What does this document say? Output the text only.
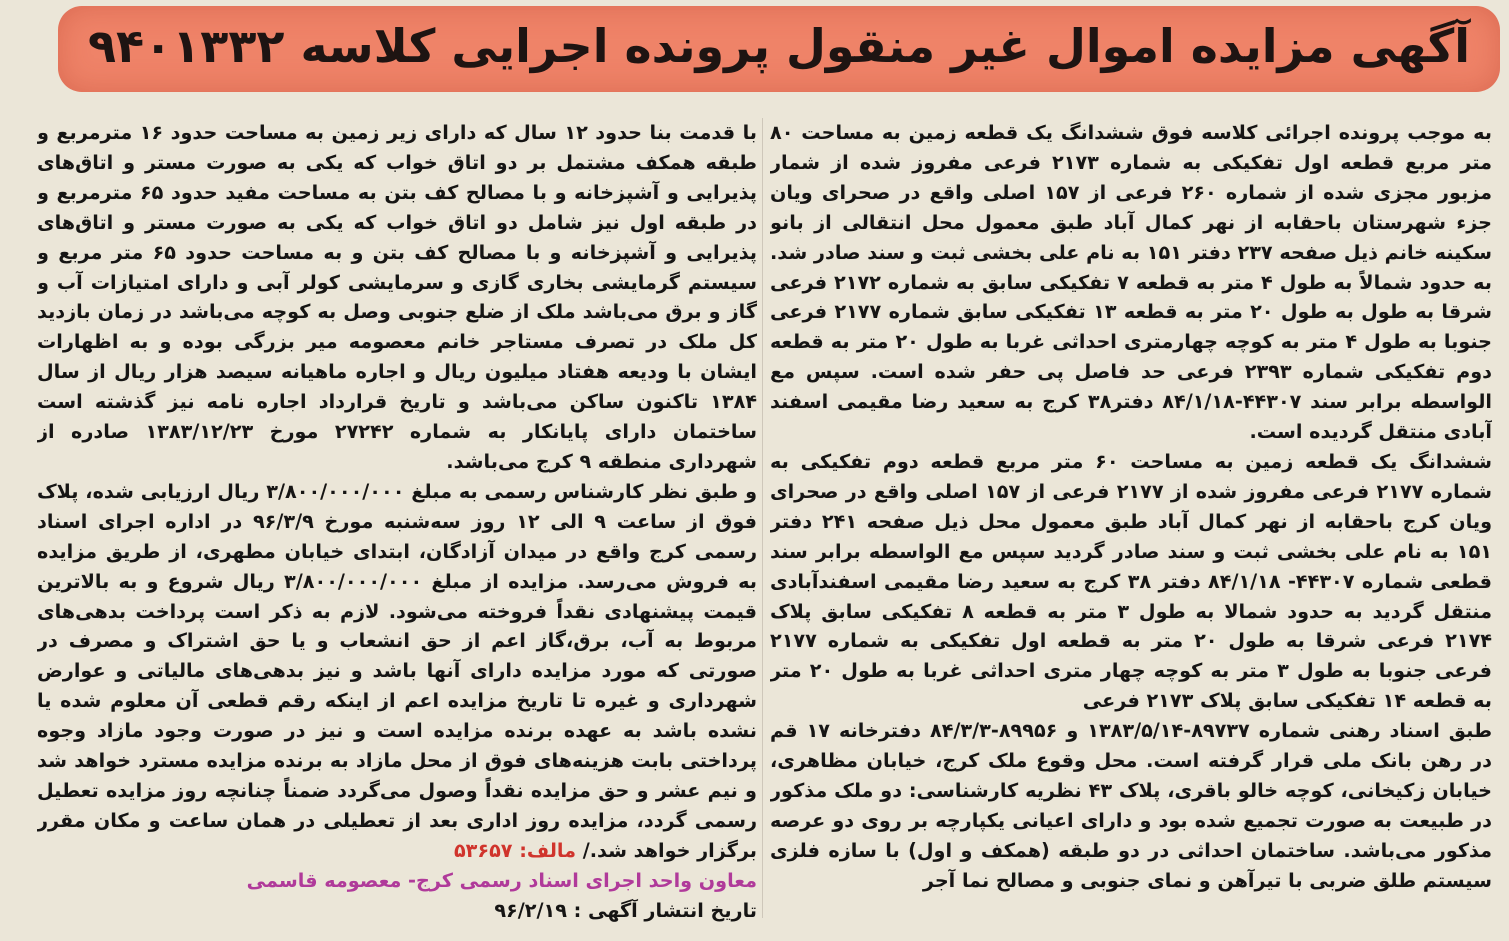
آگهی مزایده اموال غیر منقول پرونده اجرایی کلاسه ۹۴۰۱۳۳۲

به موجب پرونده اجرائی کلاسه فوق ششدانگ یک قطعه زمین به مساحت ۸۰ متر مربع قطعه اول تفکیکی به شماره ۲۱۷۳ فرعی مفروز شده از شمار مزبور مجزی شده از شماره ۲۶۰ فرعی از ۱۵۷ اصلی واقع در صحرای ویان جزء شهرستان باحقابه از نهر کمال آباد طبق معمول محل انتقالی از بانو سکینه خانم ذیل صفحه ۲۳۷ دفتر ۱۵۱ به نام علی بخشی ثبت و سند صادر شد. به حدود شمالاً به طول ۴ متر به قطعه ۷ تفکیکی سابق به شماره ۲۱۷۲ فرعی شرقا به طول به طول ۲۰ متر به قطعه ۱۳ تفکیکی سابق شماره ۲۱۷۷ فرعی جنوبا به طول ۴ متر به کوچه چهارمتری احداثی غربا به طول ۲۰ متر به قطعه دوم تفکیکی شماره ۲۳۹۳ فرعی حد فاصل پی حفر شده است. سپس مع الواسطه برابر سند ۴۴۳۰۷-۸۴/۱/۱۸ دفتر۳۸ کرج به سعید رضا مقیمی اسفند آبادی منتقل گردیده است.

ششدانگ یک قطعه زمین به مساحت ۶۰ متر مربع قطعه دوم تفکیکی به شماره ۲۱۷۷ فرعی مفروز شده از ۲۱۷۷ فرعی از ۱۵۷ اصلی واقع در صحرای ویان کرج باحقابه از نهر کمال آباد طبق معمول محل ذیل صفحه ۲۴۱ دفتر ۱۵۱ به نام علی بخشی ثبت و سند صادر گردید سپس مع الواسطه برابر سند قطعی شماره ۴۴۳۰۷- ۸۴/۱/۱۸ دفتر ۳۸ کرج به سعید رضا مقیمی اسفندآبادی منتقل گردید به حدود شمالا به طول ۳ متر به قطعه ۸ تفکیکی سابق پلاک ۲۱۷۴ فرعی شرقا به طول ۲۰ متر به قطعه اول تفکیکی به شماره ۲۱۷۷ فرعی جنوبا به طول ۳ متر به کوچه چهار متری احداثی غربا به طول ۲۰ متر به قطعه ۱۴ تفکیکی سابق پلاک ۲۱۷۳ فرعی

طبق اسناد رهنی شماره ۸۹۷۳۷-۱۳۸۳/۵/۱۴ و ۸۹۹۵۶-۸۴/۳/۳ دفترخانه ۱۷ قم در رهن بانک ملی قرار گرفته است. محل وقوع ملک کرج، خیابان مظاهری، خیابان زکیخانی، کوچه خالو باقری، پلاک ۴۳ نظریه کارشناسی: دو ملک مذکور در طبیعت به صورت تجمیع شده بود و دارای اعیانی یکپارچه بر روی دو عرصه مذکور می‌باشد. ساختمان احداثی در دو طبقه (همکف و اول) با سازه فلزی سیستم طلق ضربی با تیرآهن و نمای جنوبی و مصالح نما آجر

با قدمت بنا حدود ۱۲ سال که دارای زیر زمین به مساحت حدود ۱۶ مترمربع و طبقه همکف مشتمل بر دو اتاق خواب که یکی به صورت مستر و اتاق‌های پذیرایی و آشپزخانه و با مصالح کف بتن به مساحت مفید حدود ۶۵ مترمربع و در طبقه اول نیز شامل دو اتاق خواب که یکی به صورت مستر و اتاق‌های پذیرایی و آشپزخانه و با مصالح کف بتن و به مساحت حدود ۶۵ متر مربع و سیستم گرمایشی بخاری گازی و سرمایشی کولر آبی و دارای امتیازات آب و گاز و برق می‌باشد ملک از ضلع جنوبی وصل به کوچه می‌باشد در زمان بازدید کل ملک در تصرف مستاجر خانم معصومه میر بزرگی بوده و به اظهارات ایشان با ودیعه هفتاد میلیون ریال و اجاره ماهیانه سیصد هزار ریال از سال ۱۳۸۴ تاکنون ساکن می‌باشد و تاریخ قرارداد اجاره نامه نیز گذشته است ساختمان دارای پایانکار به شماره ۲۷۲۴۲ مورخ ۱۳۸۳/۱۲/۲۳ صادره از شهرداری منطقه ۹ کرج می‌باشد.

و طبق نظر کارشناس رسمی به مبلغ ۳/۸۰۰/۰۰۰/۰۰۰ ریال ارزیابی شده، پلاک فوق از ساعت ۹ الی ۱۲ روز سه‌شنبه مورخ ۹۶/۳/۹ در اداره اجرای اسناد رسمی کرج واقع در میدان آزادگان، ابتدای خیابان مطهری، از طریق مزایده به فروش می‌رسد. مزایده از مبلغ ۳/۸۰۰/۰۰۰/۰۰۰ ریال شروع و به بالاترین قیمت پیشنهادی نقداً فروخته می‌شود. لازم به ذکر است پرداخت بدهی‌های مربوط به آب، برق،گاز اعم از حق انشعاب و یا حق اشتراک و مصرف در صورتی که مورد مزایده دارای آنها باشد و نیز بدهی‌های مالیاتی و عوارض شهرداری و غیره تا تاریخ مزایده اعم از اینکه رقم قطعی آن معلوم شده یا نشده باشد به عهده برنده مزایده است و نیز در صورت وجود مازاد وجوه پرداختی بابت هزینه‌های فوق از محل مازاد به برنده مزایده مسترد خواهد شد و نیم عشر و حق مزایده نقداً وصول می‌گردد ضمناً چنانچه روز مزایده تعطیل رسمی گردد، مزایده روز اداری بعد از تعطیلی در همان ساعت و مکان مقرر برگزار خواهد شد./ مالف: ۵۳۶۵۷

معاون واحد اجرای اسناد رسمی کرج- معصومه قاسمی

تاریخ انتشار آگهی : ۹۶/۲/۱۹
